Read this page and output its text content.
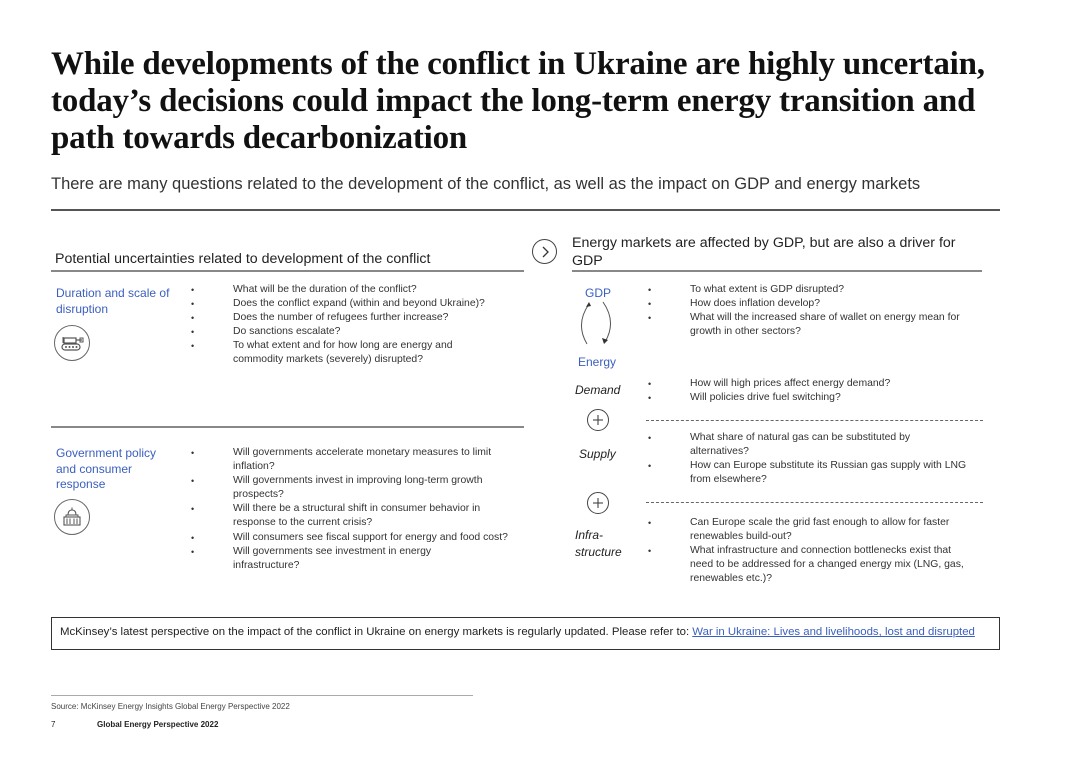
While developments of the conflict in Ukraine are highly uncertain, today’s decisions could impact the long-term energy transition and path towards decarbonization
There are many questions related to the development of the conflict, as well as the impact on GDP and energy markets
Potential uncertainties related to development of the conflict
Duration and scale of disruption
• What will be the duration of the conflict?
• Does the conflict expand (within and beyond Ukraine)?
• Does the number of refugees further increase?
• Do sanctions escalate?
• To what extent and for how long are energy and commodity markets (severely) disrupted?
Government policy and consumer response
• Will governments accelerate monetary measures to limit inflation?
• Will governments invest in improving long-term growth prospects?
• Will there be a structural shift in consumer behavior in response to the current crisis?
• Will consumers see fiscal support for energy and food cost?
• Will governments see investment in energy infrastructure?
Energy markets are affected by GDP, but are also a driver for GDP
GDP
Energy
• To what extent is GDP disrupted?
• How does inflation develop?
• What will the increased share of wallet on energy mean for growth in other sectors?
Demand	• How will high prices affect energy demand?
• Will policies drive fuel switching?
Supply
• What share of natural gas can be substituted by alternatives?
• How can Europe substitute its Russian gas supply with LNG from elsewhere?
Infra-
structure
• Can Europe scale the grid fast enough to allow for faster renewables build-out?
• What infrastructure and connection bottlenecks exist that need to be addressed for a changed energy mix (LNG, gas, renewables etc.)?
McKinsey’s latest perspective on the impact of the conflict in Ukraine on energy markets is regularly updated. Please refer to: War in Ukraine: Lives and livelihoods, lost and disrupted
Source: McKinsey Energy Insights Global Energy Perspective 2022
7	Global Energy Perspective 2022
